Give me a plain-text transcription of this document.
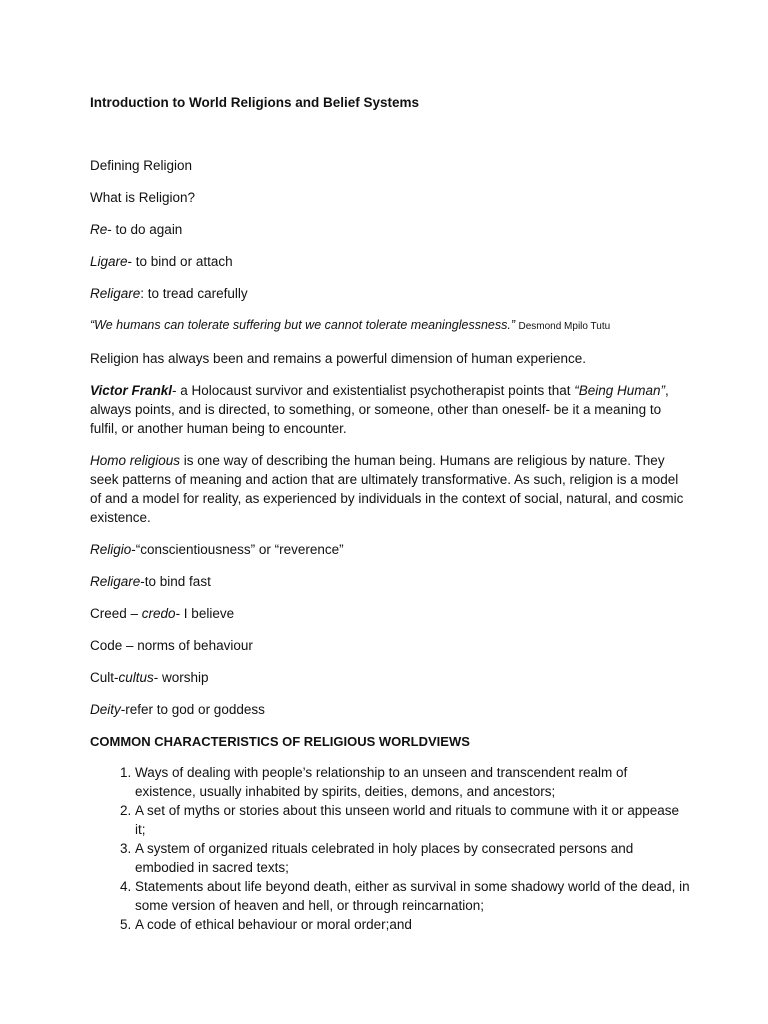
Introduction to World Religions and Belief Systems

Defining Religion

What is Religion?

Re- to do again

Ligare- to bind or attach

Religare: to tread carefully

“We humans can tolerate suffering but we cannot tolerate meaninglessness.” Desmond Mpilo Tutu

Religion has always been and remains a powerful dimension of human experience.

Victor Frankl- a Holocaust survivor and existentialist psychotherapist points that “Being Human”, always points, and is directed, to something, or someone, other than oneself- be it a meaning to fulfil, or another human being to encounter.

Homo religious is one way of describing the human being. Humans are religious by nature. They seek patterns of meaning and action that are ultimately transformative. As such, religion is a model of and a model for reality, as experienced by individuals in the context of social, natural, and cosmic existence.

Religio-“conscientiousness” or “reverence”

Religare-to bind fast

Creed – credo- I believe

Code – norms of behaviour

Cult-cultus- worship

Deity-refer to god or goddess

COMMON CHARACTERISTICS OF RELIGIOUS WORLDVIEWS

1. Ways of dealing with people’s relationship to an unseen and transcendent realm of existence, usually inhabited by spirits, deities, demons, and ancestors;
2. A set of myths or stories about this unseen world and rituals to commune with it or appease it;
3. A system of organized rituals celebrated in holy places by consecrated persons and embodied in sacred texts;
4. Statements about life beyond death, either as survival in some shadowy world of the dead, in some version of heaven and hell, or through reincarnation;
5. A code of ethical behaviour or moral order;and
